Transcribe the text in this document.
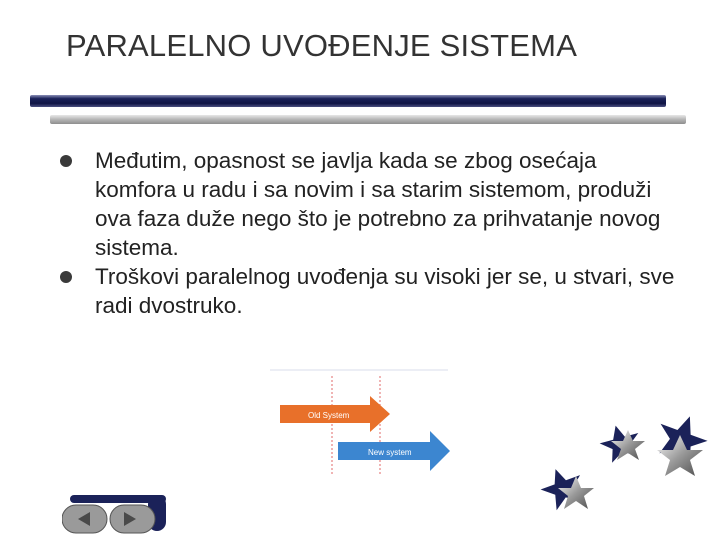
PARALELNO UVOĐENJE SISTEMA
Međutim, opasnost se javlja kada se zbog osećaja komfora u radu i sa novim i sa starim sistemom, produži ova faza duže nego što je potrebno za prihvatanje novog sistema.
Troškovi paralelnog uvođenja su visoki jer se, u stvari, sve radi dvostruko.
Old System
New system
